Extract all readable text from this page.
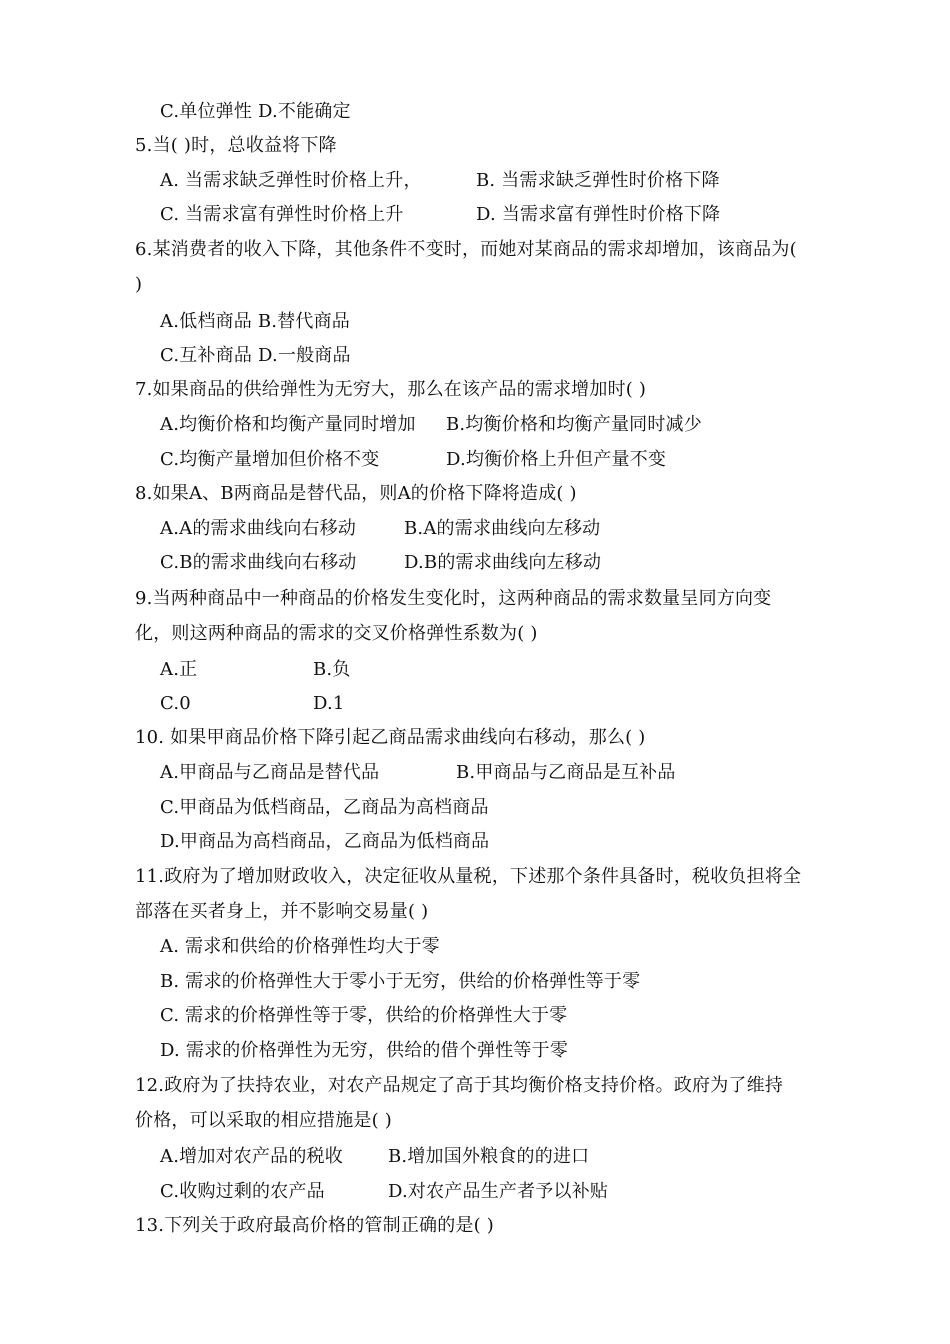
C.单位弹性 D.不能确定
5.当( )时，总收益将下降
A. 当需求缺乏弹性时价格上升，	B. 当需求缺乏弹性时价格下降
C. 当需求富有弹性时价格上升	D. 当需求富有弹性时价格下降
6.某消费者的收入下降，其他条件不变时，而她对某商品的需求却增加，该商品为(
)
A.低档商品 B.替代商品
C.互补商品 D.一般商品
7.如果商品的供给弹性为无穷大，那么在该产品的需求增加时( )
A.均衡价格和均衡产量同时增加 B.均衡价格和均衡产量同时减少
C.均衡产量增加但价格不变	D.均衡价格上升但产量不变
8.如果A、B两商品是替代品，则A的价格下降将造成( )
A.A的需求曲线向右移动	B.A的需求曲线向左移动
C.B的需求曲线向右移动	D.B的需求曲线向左移动
9.当两种商品中一种商品的价格发生变化时，这两种商品的需求数量呈同方向变
化，则这两种商品的需求的交叉价格弹性系数为( )
A.正	B.负
C.0	D.1
10. 如果甲商品价格下降引起乙商品需求曲线向右移动，那么( )
A.甲商品与乙商品是替代品	B.甲商品与乙商品是互补品
C.甲商品为低档商品，乙商品为高档商品
D.甲商品为高档商品，乙商品为低档商品
11.政府为了增加财政收入，决定征收从量税，下述那个条件具备时，税收负担将全
部落在买者身上，并不影响交易量( )
A. 需求和供给的价格弹性均大于零
B. 需求的价格弹性大于零小于无穷，供给的价格弹性等于零
C. 需求的价格弹性等于零，供给的价格弹性大于零
D. 需求的价格弹性为无穷，供给的借个弹性等于零
12.政府为了扶持农业，对农产品规定了高于其均衡价格支持价格。政府为了维持
价格，可以采取的相应措施是( )
A.增加对农产品的税收	B.增加国外粮食的的进口
C.收购过剩的农产品	D.对农产品生产者予以补贴
13.下列关于政府最高价格的管制正确的是( )
